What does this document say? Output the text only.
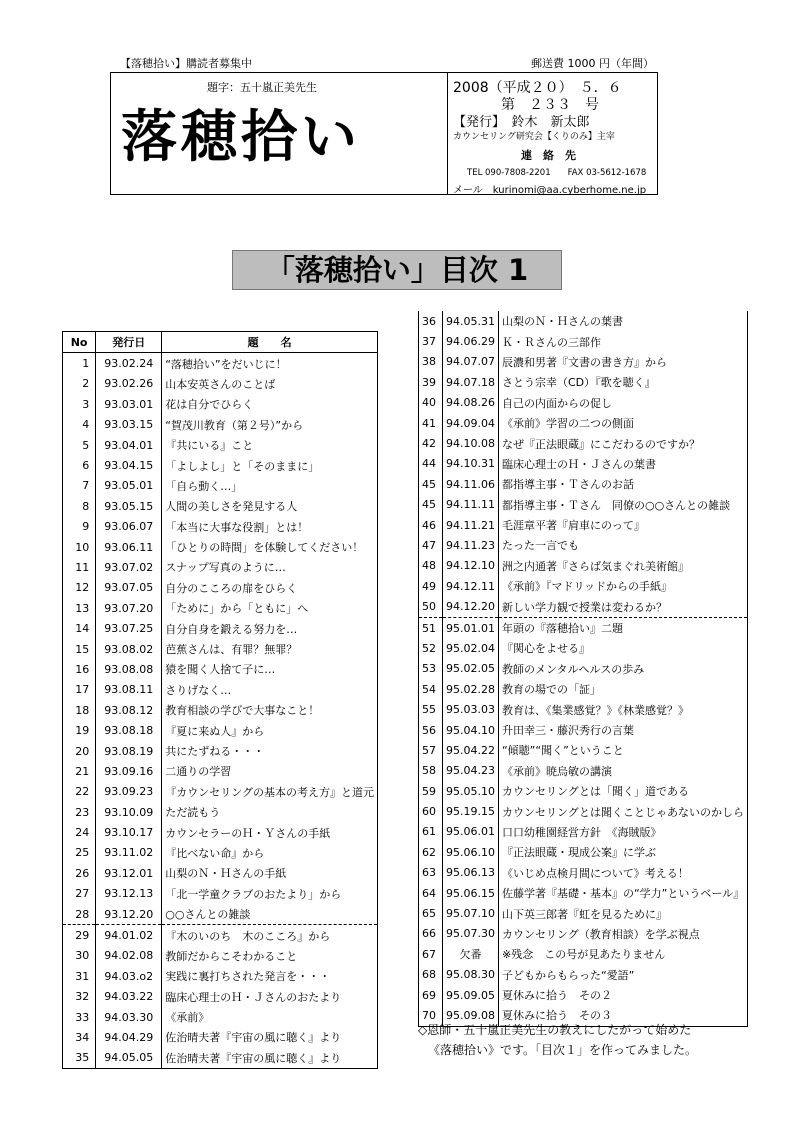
【落穂拾い】購読者募集中	郵送費 1000 円（年間）
題字：五十嵐正美先生
落穂拾い
2008（平成２０）　５．６
第　２３３　号
【発行】　鈴木　新太郎
カウンセリング研究会【くりのみ】主宰
連　絡　先
TEL 090-7808-2201　　FAX 03-5612-1678
メール　kurinomi@aa.cyberhome.ne.jp
「落穂拾い」目次 1
No	発行日	題　　名
1	93.02.24	“落穂拾い”をだいじに！
2	93.02.26	山本安英さんのことば
3	93.03.01	花は自分でひらく
4	93.03.15	“賀茂川教育（第２号）”から
5	93.04.01	『共にいる』こと
6	93.04.15	「よしよし」と「そのままに」
7	93.05.01	「自ら動く…」
8	93.05.15	人間の美しさを発見する人
9	93.06.07	「本当に大事な役割」とは！
10	93.06.11	「ひとりの時間」を体験してください！
11	93.07.02	スナップ写真のように…
12	93.07.05	自分のこころの扉をひらく
13	93.07.20	「ために」から「ともに」へ
14	93.07.25	自分自身を鍛える努力を…
15	93.08.02	芭蕉さんは、有罪？無罪？
16	93.08.08	猿を聞く人捨て子に…
17	93.08.11	さりげなく…
18	93.08.12	教育相談の学びで大事なこと！
19	93.08.18	『夏に来ぬ人』から
20	93.08.19	共にたずねる・・・
21	93.09.16	二通りの学習
22	93.09.23	『カウンセリングの基本の考え方』と道元
23	93.10.09	ただ読もう
24	93.10.17	カウンセラーのＨ・Ｙさんの手紙
25	93.11.02	『比べない命』から
26	93.12.01	山梨のＮ・Ｈさんの手紙
27	93.12.13	「北一学童クラブのおたより」から
28	93.12.20	○○さんとの雑談
29	94.01.02	『木のいのち　木のこころ』から
30	94.02.08	教師だからこそわかること
31	94.03.o2	実践に裏打ちされた発言を・・・
32	94.03.22	臨床心理士のＨ・Ｊさんのおたより
33	94.03.30	《承前》
34	94.04.29	佐治晴夫著『宇宙の風に聴く』より
35	94.05.05	佐治晴夫著『宇宙の風に聴く』より
36	94.05.31	山梨のＮ・Ｈさんの葉書
37	94.06.29	Ｋ・Ｒさんの三部作
38	94.07.07	辰濃和男著『文書の書き方』から
39	94.07.18	さとう宗幸（CD）『歌を聴く』
40	94.08.26	自己の内面からの促し
41	94.09.04	《承前》学習の二つの側面
42	94.10.08	なぜ『正法眼蔵』にこだわるのですか？
44	94.10.31	臨床心理士のＨ・Ｊさんの葉書
45	94.11.06	都指導主事・Ｔさんのお話
45	94.11.11	都指導主事・Ｔさん　同僚の○○さんとの雑談
46	94.11.21	毛涯章平著『肩車にのって』
47	94.11.23	たった一言でも
48	94.12.10	洲之内通著『さらば気まぐれ美術館』
49	94.12.11	《承前》『マドリッドからの手紙』
50	94.12.20	新しい学力観で授業は変わるか？
51	95.01.01	年頭の『落穂拾い』二題
52	95.02.04	『関心をよせる』
53	95.02.05	教師のメンタルヘルスの歩み
54	95.02.28	教育の場での「証」
55	95.03.03	教育は、《集業感覚？》《林業感覚？》
56	95.04.10	升田幸三・藤沢秀行の言葉
57	95.04.22	“傾聴”“聞く”ということ
58	95.04.23	《承前》暁烏敏の講演
59	95.05.10	カウンセリングとは「聞く」道である
60	95.19.15	カウンセリングとは聞くことじゃあないのかしら
61	95.06.01	口口幼稚園経営方針　《海賊版》
62	95.06.10	『正法眼蔵・現成公案』に学ぶ
63	95.06.13	《いじめ点検月間について》考える！
64	95.06.15	佐藤学著『基礎・基本』の“学力”というベール』
65	95.07.10	山下英三郎著『虹を見るために』
66	95.07.30	カウンセリング（教育相談）を学ぶ視点
67	欠番	※残念　この号が見あたりません
68	95.08.30	子どもからもらった“愛語”
69	95.09.05	夏休みに拾う　その２
70	95.09.08	夏休みに拾う　その３
◇恩師・五十嵐正美先生の教えにしたがって始めた
《落穂拾い》です。「目次１」を作ってみました。
